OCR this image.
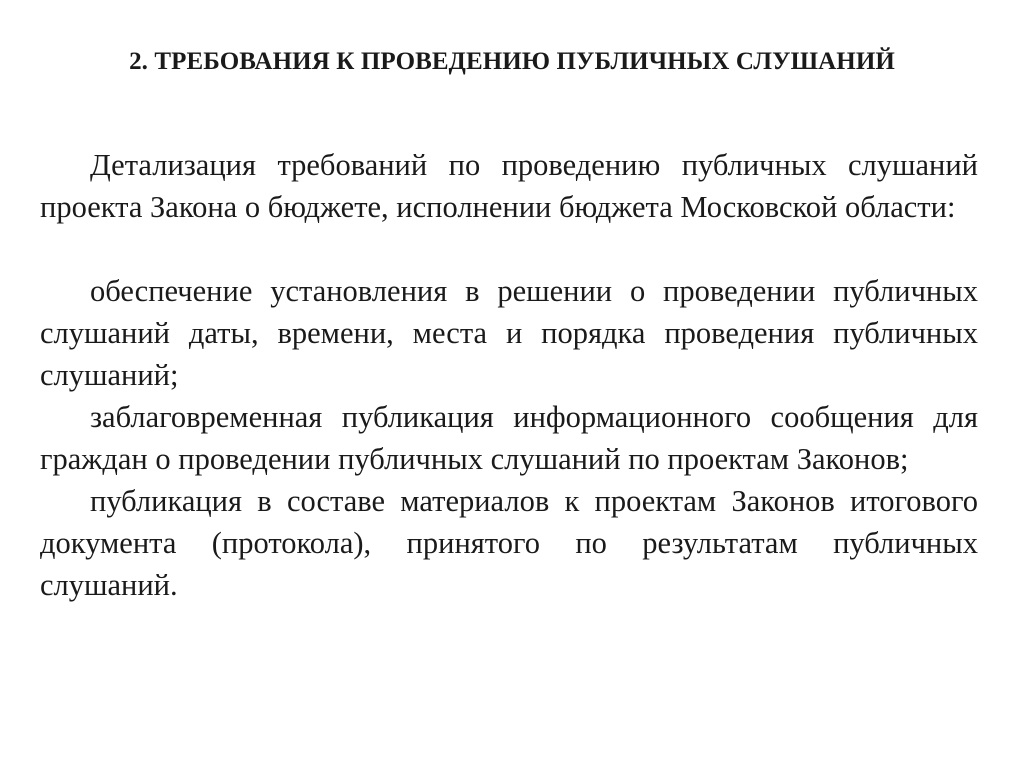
2. ТРЕБОВАНИЯ К ПРОВЕДЕНИЮ ПУБЛИЧНЫХ СЛУШАНИЙ

Детализация требований по проведению публичных слушаний проекта Закона о бюджете, исполнении бюджета Московской области:

обеспечение установления в решении о проведении публичных слушаний даты, времени, места и порядка проведения публичных слушаний;

заблаговременная публикация информационного сообщения для граждан о проведении публичных слушаний по проектам Законов;

публикация в составе материалов к проектам Законов итогового документа (протокола), принятого по результатам публичных слушаний.
